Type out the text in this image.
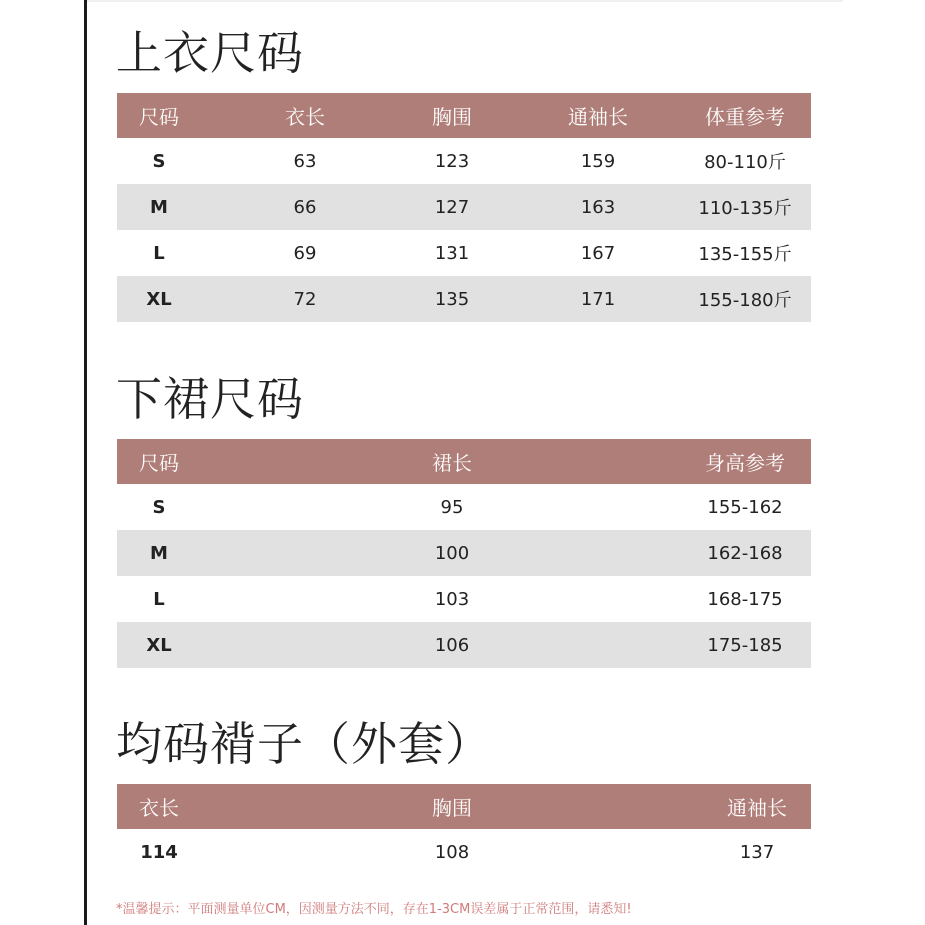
上衣尺码
尺码	衣长	胸围	通袖长	体重参考
S	63	123	159	80-110斤
M	66	127	163	110-135斤
L	69	131	167	135-155斤
XL	72	135	171	155-180斤
下裙尺码
尺码	裙长	身高参考
S	95	155-162
M	100	162-168
L	103	168-175
XL	106	175-185
均码褙子（外套）
衣长	胸围	通袖长
114	108	137

*温馨提示：平面测量单位CM，因测量方法不同，存在1-3CM误差属于正常范围，请悉知!
